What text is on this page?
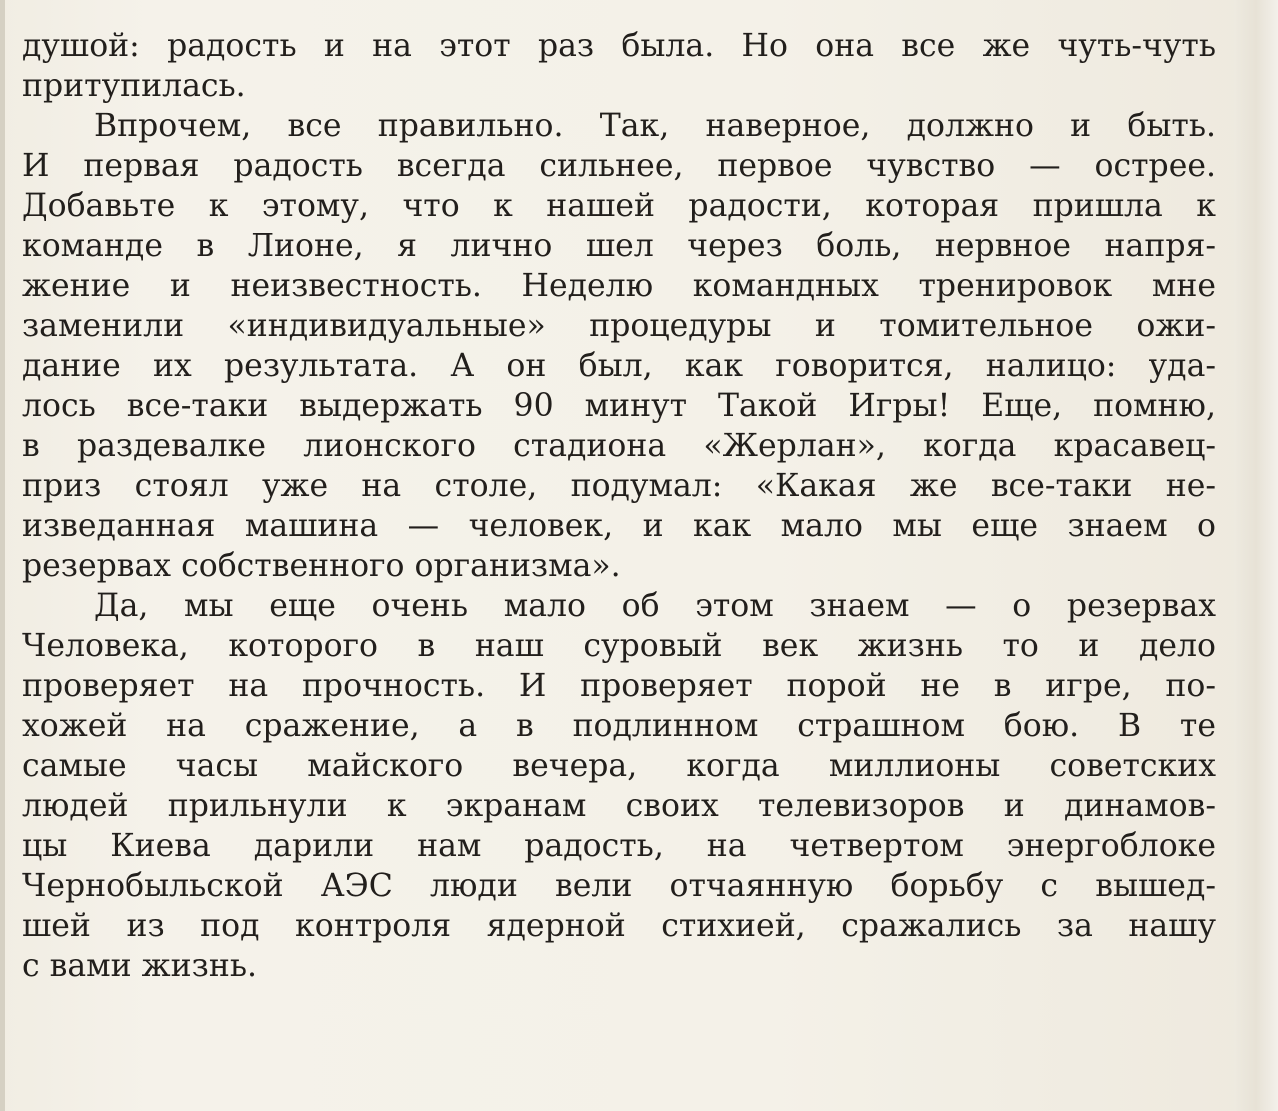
душой: радость и на этот раз была. Но она все же чуть-чуть
притупилась.

Впрочем, все правильно. Так, наверное, должно и быть.
И первая радость всегда сильнее, первое чувство — острее.
Добавьте к этому, что к нашей радости, которая пришла к
команде в Лионе, я лично шел через боль, нервное напря-
жение и неизвестность. Неделю командных тренировок мне
заменили «индивидуальные» процедуры и томительное ожи-
дание их результата. А он был, как говорится, налицо: уда-
лось все-таки выдержать 90 минут Такой Игры! Еще, помню,
в раздевалке лионского стадиона «Жерлан», когда красавец-
приз стоял уже на столе, подумал: «Какая же все-таки не-
изведанная машина — человек, и как мало мы еще знаем о
резервах собственного организма».

Да, мы еще очень мало об этом знаем — о резервах
Человека, которого в наш суровый век жизнь то и дело
проверяет на прочность. И проверяет порой не в игре, по-
хожей на сражение, а в подлинном страшном бою. В те
самые часы майского вечера, когда миллионы советских
людей прильнули к экранам своих телевизоров и динамов-
цы Киева дарили нам радость, на четвертом энергоблоке
Чернобыльской АЭС люди вели отчаянную борьбу с вышед-
шей из под контроля ядерной стихией, сражались за нашу
с вами жизнь.
